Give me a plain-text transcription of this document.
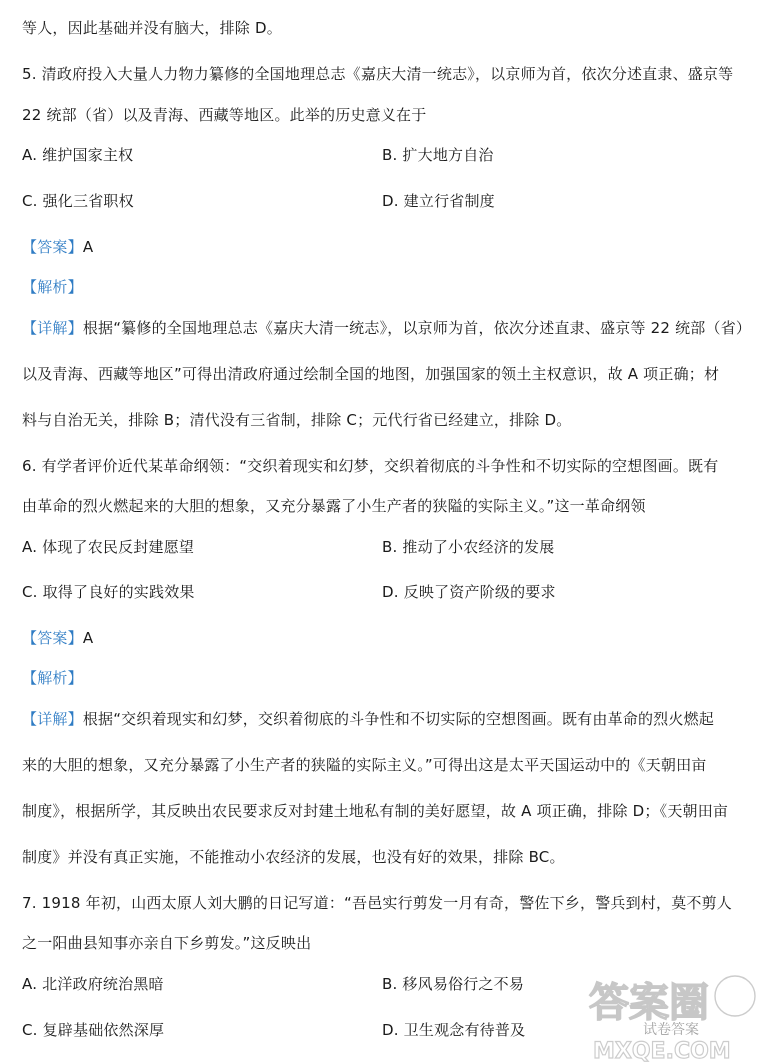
等人，因此基础并没有脑大，排除 D。
5. 清政府投入大量人力物力纂修的全国地理总志《嘉庆大清一统志》，以京师为首，依次分述直隶、盛京等
22 统部（省）以及青海、西藏等地区。此举的历史意义在于
A. 维护国家主权	B. 扩大地方自治
C. 强化三省职权	D. 建立行省制度
【答案】A
【解析】
【详解】根据“纂修的全国地理总志《嘉庆大清一统志》，以京师为首，依次分述直隶、盛京等 22 统部（省）
以及青海、西藏等地区”可得出清政府通过绘制全国的地图，加强国家的领土主权意识，故 A 项正确；材
料与自治无关，排除 B；清代没有三省制，排除 C；元代行省已经建立，排除 D。
6. 有学者评价近代某革命纲领：“交织着现实和幻梦，交织着彻底的斗争性和不切实际的空想图画。既有
由革命的烈火燃起来的大胆的想象，又充分暴露了小生产者的狭隘的实际主义。”这一革命纲领
A. 体现了农民反封建愿望	B. 推动了小农经济的发展
C. 取得了良好的实践效果	D. 反映了资产阶级的要求
【答案】A
【解析】
【详解】根据“交织着现实和幻梦，交织着彻底的斗争性和不切实际的空想图画。既有由革命的烈火燃起
来的大胆的想象，又充分暴露了小生产者的狭隘的实际主义。”可得出这是太平天国运动中的《天朝田亩
制度》，根据所学，其反映出农民要求反对封建土地私有制的美好愿望，故 A 项正确，排除 D；《天朝田亩
制度》并没有真正实施，不能推动小农经济的发展，也没有好的效果，排除 BC。
7. 1918 年初，山西太原人刘大鹏的日记写道：“吾邑实行剪发一月有奇，警佐下乡，警兵到村，莫不剪人
之一阳曲县知事亦亲自下乡剪发。”这反映出
A. 北洋政府统治黑暗	B. 移风易俗行之不易
C. 复辟基础依然深厚	D. 卫生观念有待普及
答案圈
试卷答案
MXQE.COM
